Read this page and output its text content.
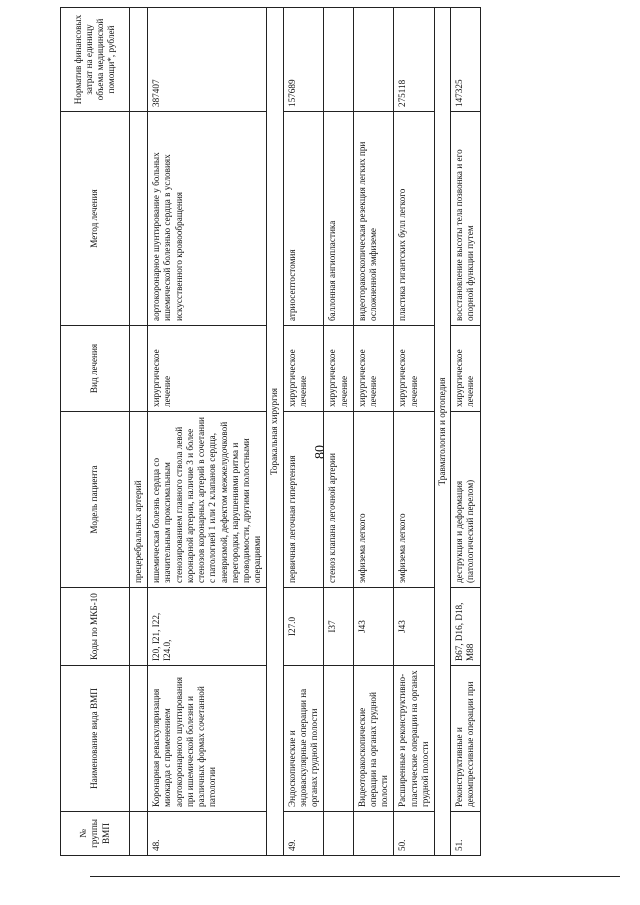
80
№ группы ВМП	Наименование вида ВМП	Коды по МКБ-10	Модель пациента	Вид лечения	Метод лечения	Норматив финансовых затрат на единицу объема медицинской помощи*, рублей
			прецеребральных артерий			
48.	Коронарная реваскуляризация миокарда с применением аортокоронарного шунтирования при ишемической болезни и различных формах сочетанной патологии	I20, I21, I22, I24.0,	ишемическая болезнь сердца со значительным проксимальным стенозированием главного ствола левой коронарной артерии, наличие 3 и более стенозов коронарных артерий в сочетании с патологией 1 или 2 клапанов сердца, аневризмой, дефектом межжелудочковой перегородки, нарушениями ритма и проводимости, другими полостными операциями	хирургическое лечение	аортокоронарное шунтирование у больных ишемической болезнью сердца в условиях искусственного кровообращения	387407
Торакальная хирургия						
49.	Эндоскопические и эндоваскулярные операции на органах грудной полости	I27.0	первичная легочная гипертензия	хирургическое лечение	атриосептостомия	157689
		I37	стеноз клапана легочной артерии	хирургическое лечение	баллонная ангиопластика	
	Видеоторакоскопические операции на органах грудной полости	J43	эмфизема легкого	хирургическое лечение	видеоторакоскопическая резекция легких при осложненной эмфиземе	
50.	Расширенные и реконструктивно-пластические операции на органах грудной полости	J43	эмфизема легкого	хирургическое лечение	пластика гигантских булл легкого	275118
Травматология и ортопедия						
51.	Реконструктивные и декомпрессивные операции при	B67, D16, D18, M88	деструкция и деформация (патологический перелом)	хирургическое лечение	восстановление высоты тела позвонка и его опорной функции путем	147325
